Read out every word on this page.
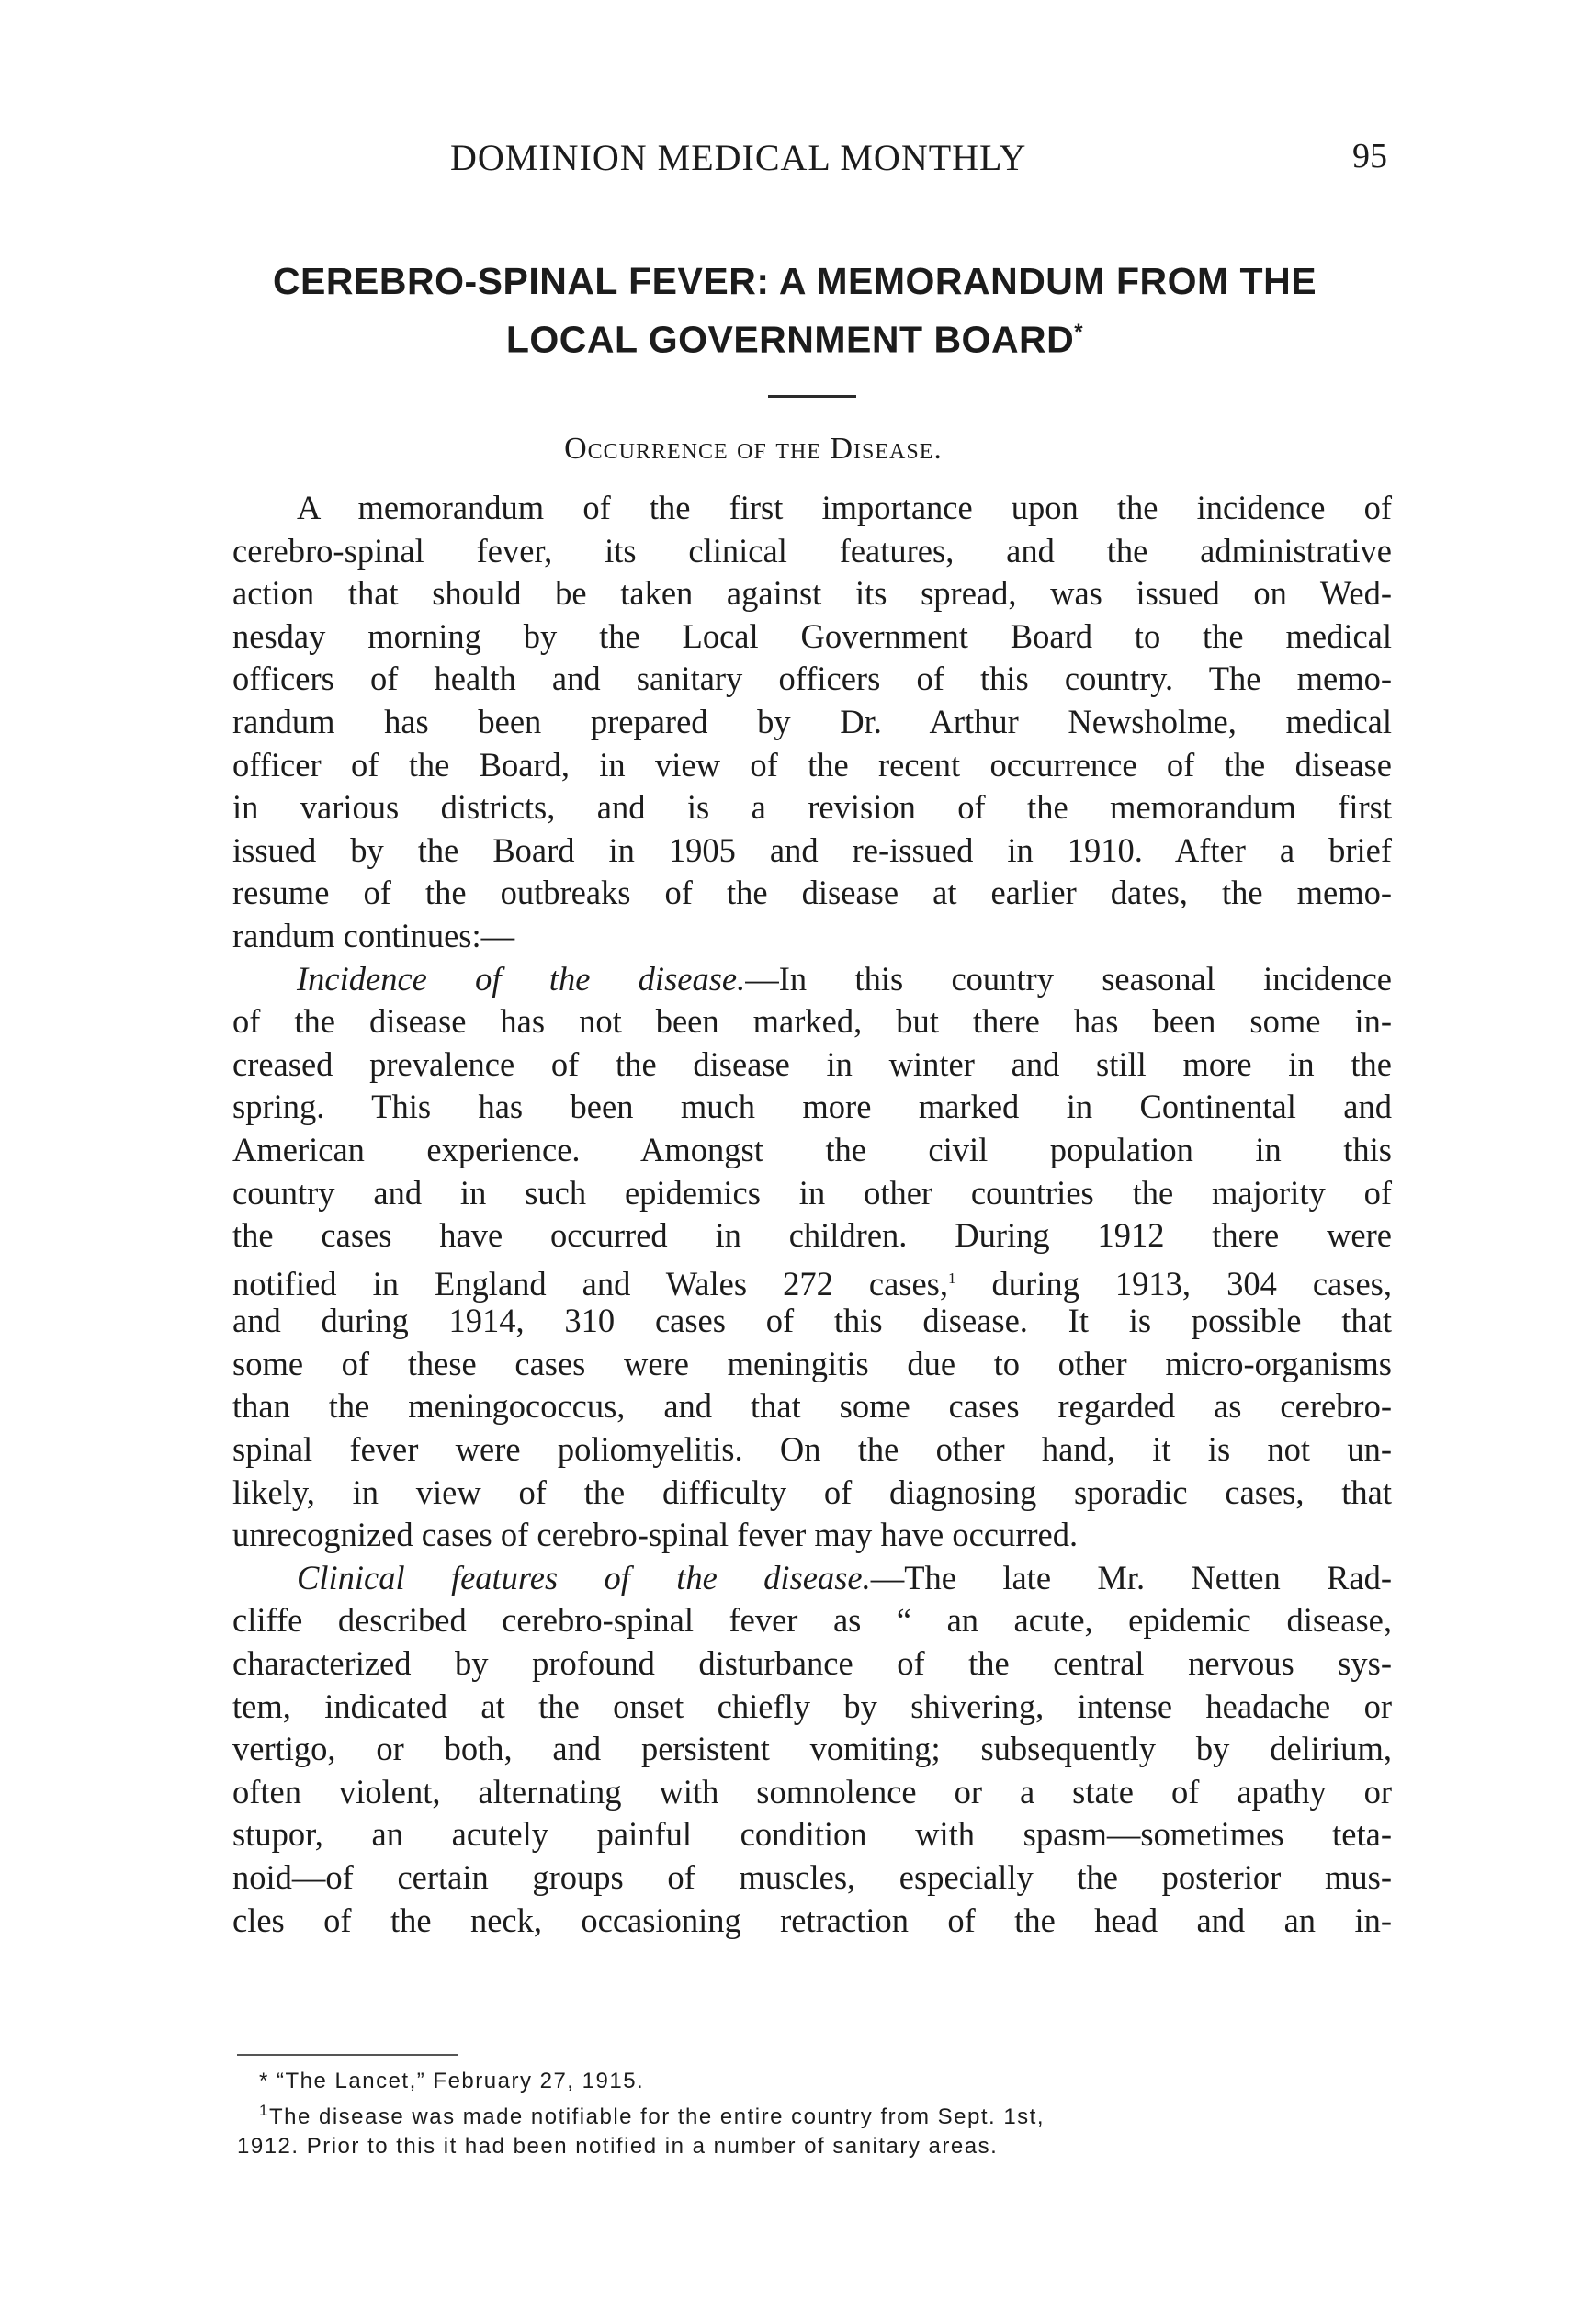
DOMINION MEDICAL MONTHLY	95
CEREBRO-SPINAL FEVER: A MEMORANDUM FROM THE
LOCAL GOVERNMENT BOARD*
Occurrence of the Disease.
A memorandum of the first importance upon the incidence of
cerebro-spinal fever, its clinical features, and the administrative
action that should be taken against its spread, was issued on Wed-
nesday morning by the Local Government Board to the medical
officers of health and sanitary officers of this country. The memo-
randum has been prepared by Dr. Arthur Newsholme, medical
officer of the Board, in view of the recent occurrence of the disease
in various districts, and is a revision of the memorandum first
issued by the Board in 1905 and re-issued in 1910. After a brief
resume of the outbreaks of the disease at earlier dates, the memo-
randum continues:—
Incidence of the disease.—In this country seasonal incidence
of the disease has not been marked, but there has been some in-
creased prevalence of the disease in winter and still more in the
spring. This has been much more marked in Continental and
American experience. Amongst the civil population in this
country and in such epidemics in other countries the majority of
the cases have occurred in children. During 1912 there were
notified in England and Wales 272 cases,$^1$ during 1913, 304 cases,
and during 1914, 310 cases of this disease. It is possible that
some of these cases were meningitis due to other micro-organisms
than the meningococcus, and that some cases regarded as cerebro-
spinal fever were poliomyelitis. On the other hand, it is not un-
likely, in view of the difficulty of diagnosing sporadic cases, that
unrecognized cases of cerebro-spinal fever may have occurred.
Clinical features of the disease.—The late Mr. Netten Rad-
cliffe described cerebro-spinal fever as “ an acute, epidemic disease,
characterized by profound disturbance of the central nervous sys-
tem, indicated at the onset chiefly by shivering, intense headache or
vertigo, or both, and persistent vomiting; subsequently by delirium,
often violent, alternating with somnolence or a state of apathy or
stupor, an acutely painful condition with spasm—sometimes teta-
noid—of certain groups of muscles, especially the posterior mus-
cles of the neck, occasioning retraction of the head and an in-
* “The Lancet,” February 27, 1915.
$^1$The disease was made notifiable for the entire country from Sept. 1st,
1912. Prior to this it had been notified in a number of sanitary areas.
